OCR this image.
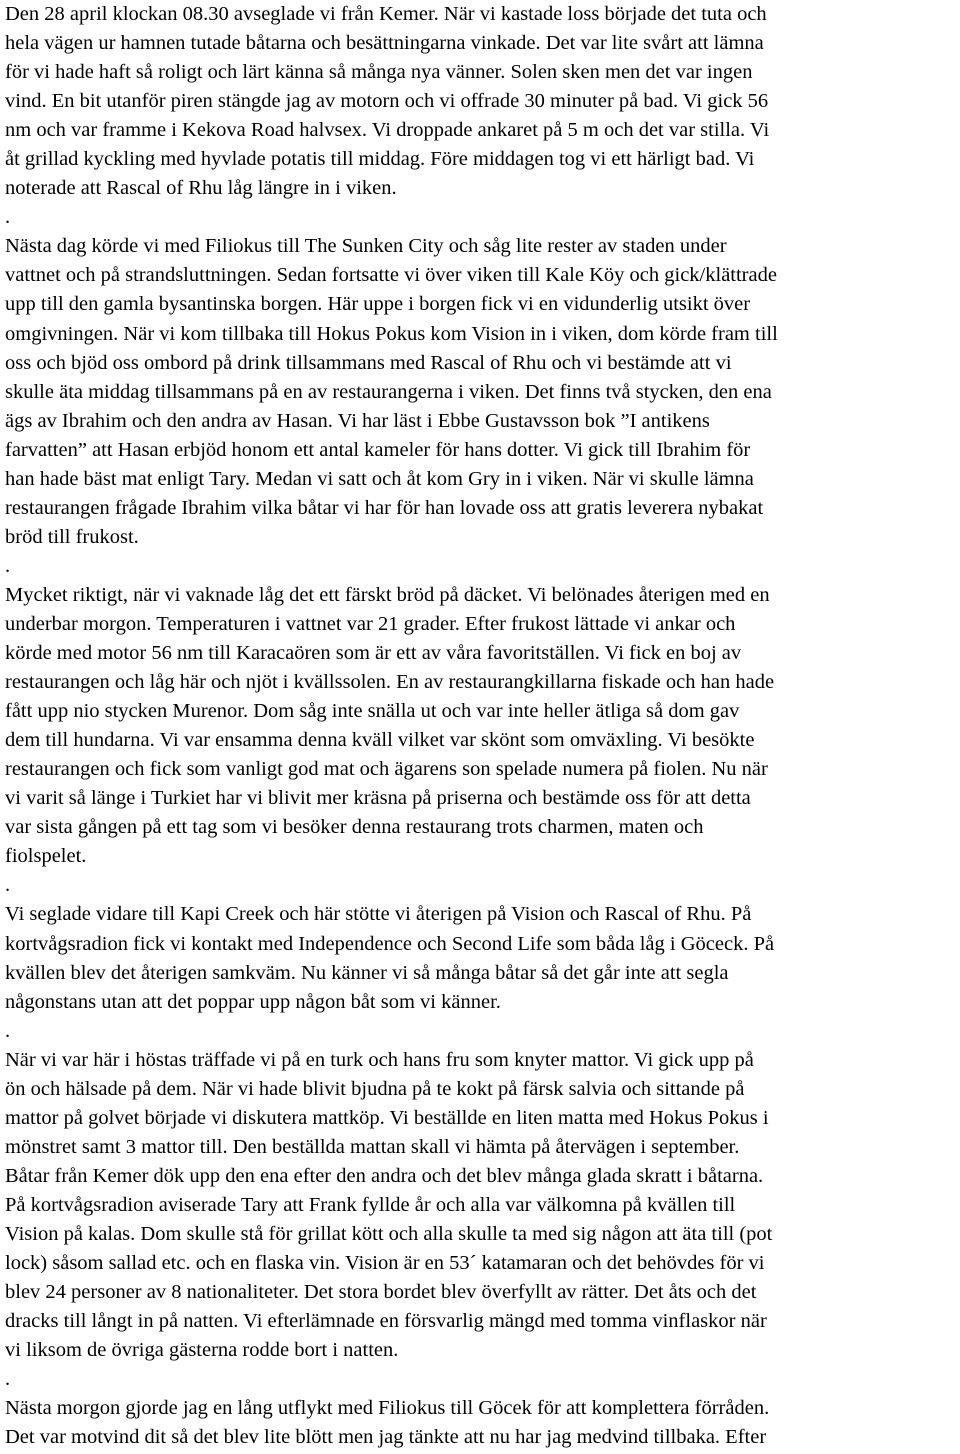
Den 28 april klockan 08.30 avseglade vi från Kemer. När vi kastade loss började det tuta och
hela vägen ur hamnen tutade båtarna och besättningarna vinkade. Det var lite svårt att lämna
för vi hade haft så roligt och lärt känna så många nya vänner. Solen sken men det var ingen
vind. En bit utanför piren stängde jag av motorn och vi offrade 30 minuter på bad. Vi gick 56
nm och var framme i Kekova Road halvsex. Vi droppade ankaret på 5 m och det var stilla. Vi
åt grillad kyckling med hyvlade potatis till middag. Före middagen tog vi ett härligt bad. Vi
noterade att Rascal of Rhu låg längre in i viken.
.
Nästa dag körde vi med Filiokus till The Sunken City och såg lite rester av staden under
vattnet och på strandsluttningen. Sedan fortsatte vi över viken till Kale Köy och gick/klättrade
upp till den gamla bysantinska borgen. Här uppe i borgen fick vi en vidunderlig utsikt över
omgivningen. När vi kom tillbaka till Hokus Pokus kom Vision in i viken, dom körde fram till
oss och bjöd oss ombord på drink tillsammans med Rascal of Rhu och vi bestämde att vi
skulle äta middag tillsammans på en av restaurangerna i viken. Det finns två stycken, den ena
ägs av Ibrahim och den andra av Hasan. Vi har läst i Ebbe Gustavsson bok ”I antikens
farvatten” att Hasan erbjöd honom ett antal kameler för hans dotter. Vi gick till Ibrahim för
han hade bäst mat enligt Tary. Medan vi satt och åt kom Gry in i viken. När vi skulle lämna
restaurangen frågade Ibrahim vilka båtar vi har för han lovade oss att gratis leverera nybakat
bröd till frukost.
.
Mycket riktigt, när vi vaknade låg det ett färskt bröd på däcket. Vi belönades återigen med en
underbar morgon. Temperaturen i vattnet var 21 grader. Efter frukost lättade vi ankar och
körde med motor 56 nm till Karacaören som är ett av våra favoritställen. Vi fick en boj av
restaurangen och låg här och njöt i kvällssolen. En av restaurangkillarna fiskade och han hade
fått upp nio stycken Murenor. Dom såg inte snälla ut och var inte heller ätliga så dom gav
dem till hundarna. Vi var ensamma denna kväll vilket var skönt som omväxling. Vi besökte
restaurangen och fick som vanligt god mat och ägarens son spelade numera på fiolen. Nu när
vi varit så länge i Turkiet har vi blivit mer kräsna på priserna och bestämde oss för att detta
var sista gången på ett tag som vi besöker denna restaurang trots charmen, maten och
fiolspelet.
.
Vi seglade vidare till Kapi Creek och här stötte vi återigen på Vision och Rascal of Rhu. På
kortvågsradion fick vi kontakt med Independence och Second Life som båda låg i Göceck. På
kvällen blev det återigen samkväm. Nu känner vi så många båtar så det går inte att segla
någonstans utan att det poppar upp någon båt som vi känner.
.
När vi var här i höstas träffade vi på en turk och hans fru som knyter mattor. Vi gick upp på
ön och hälsade på dem. När vi hade blivit bjudna på te kokt på färsk salvia och sittande på
mattor på golvet började vi diskutera mattköp. Vi beställde en liten matta med Hokus Pokus i
mönstret samt 3 mattor till. Den beställda mattan skall vi hämta på återvägen i september.
Båtar från Kemer dök upp den ena efter den andra och det blev många glada skratt i båtarna.
På kortvågsradion aviserade Tary att Frank fyllde år och alla var välkomna på kvällen till
Vision på kalas. Dom skulle stå för grillat kött och alla skulle ta med sig någon att äta till (pot
lock) såsom sallad etc. och en flaska vin. Vision är en 53´ katamaran och det behövdes för vi
blev 24 personer av 8 nationaliteter. Det stora bordet blev överfyllt av rätter. Det åts och det
dracks till långt in på natten. Vi efterlämnade en försvarlig mängd med tomma vinflaskor när
vi liksom de övriga gästerna rodde bort i natten.
.
Nästa morgon gjorde jag en lång utflykt med Filiokus till Göcek för att komplettera förråden.
Det var motvind dit så det blev lite blött men jag tänkte att nu har jag medvind tillbaka. Efter
